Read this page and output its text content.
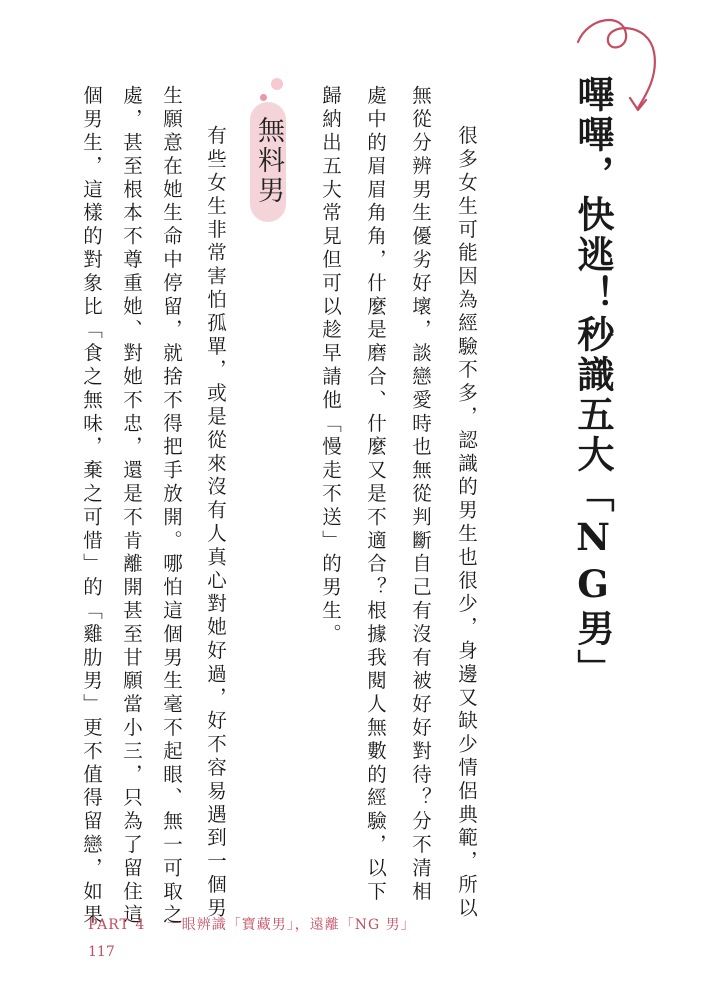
嗶嗶，快逃！秒識五大「NG男」
很多女生可能因為經驗不多，認識的男生也很少，身邊又缺少情侶典範，所以
無從分辨男生優劣好壞，談戀愛時也無從判斷自己有沒有被好好對待？分不清相
處中的眉眉角角，什麼是磨合、什麼又是不適合？根據我閱人無數的經驗，以下
歸納出五大常見但可以趁早請他「慢走不送」的男生。
無料男
有些女生非常害怕孤單，或是從來沒有人真心對她好過，好不容易遇到一個男
生願意在她生命中停留，就捨不得把手放開。哪怕這個男生毫不起眼、無一可取之
處，甚至根本不尊重她、對她不忠，還是不肯離開甚至甘願當小三，只為了留住這
個男生，這樣的對象比「食之無味，棄之可惜」的「雞肋男」更不值得留戀，如果
PART 4 一眼辨識「寶藏男」，遠離「NG 男」
117
